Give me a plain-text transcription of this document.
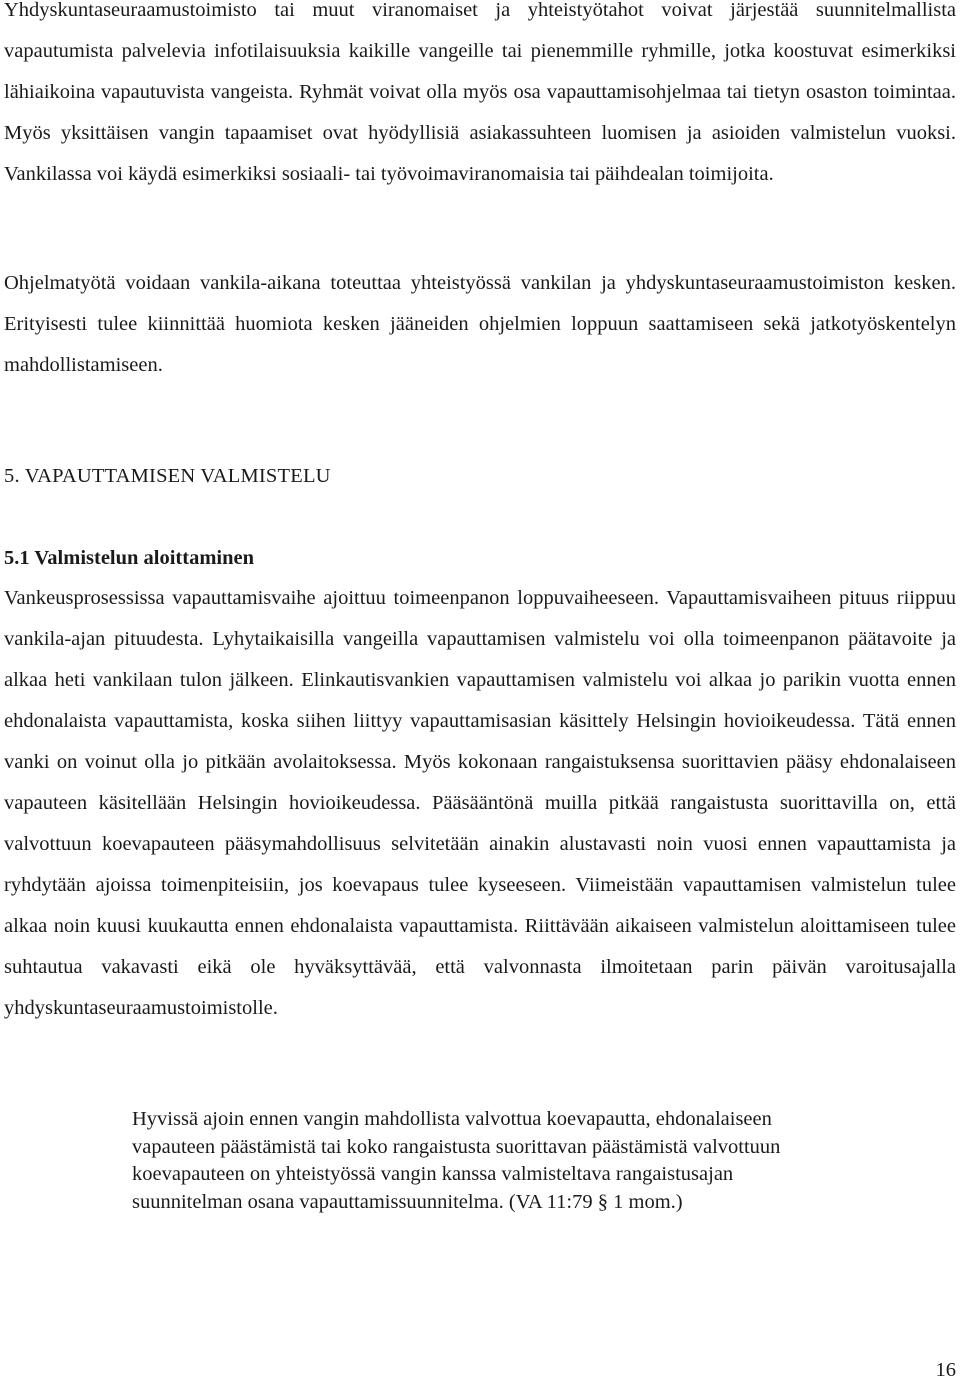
Yhdyskuntaseuraamustoimisto tai muut viranomaiset ja yhteistyötahot voivat järjestää suunnitelmallista vapautumista palvelevia infotilaisuuksia kaikille vangeille tai pienemmille ryhmille, jotka koostuvat esimerkiksi lähiaikoina vapautuvista vangeista. Ryhmät voivat olla myös osa vapauttamisohjelmaa tai tietyn osaston toimintaa. Myös yksittäisen vangin tapaamiset ovat hyödyllisiä asiakassuhteen luomisen ja asioiden valmistelun vuoksi. Vankilassa voi käydä esimerkiksi sosiaali- tai työvoimaviranomaisia tai päihdealan toimijoita.

Ohjelmatyötä voidaan vankila-aikana toteuttaa yhteistyössä vankilan ja yhdyskuntaseuraamustoimiston kesken. Erityisesti tulee kiinnittää huomiota kesken jääneiden ohjelmien loppuun saattamiseen sekä jatkotyöskentelyn mahdollistamiseen.

5. VAPAUTTAMISEN VALMISTELU
5.1 Valmistelun aloittaminen

Vankeusprosessissa vapauttamisvaihe ajoittuu toimeenpanon loppuvaiheeseen. Vapauttamisvaiheen pituus riippuu vankila-ajan pituudesta. Lyhytaikaisilla vangeilla vapauttamisen valmistelu voi olla toimeenpanon päätavoite ja alkaa heti vankilaan tulon jälkeen. Elinkautisvankien vapauttamisen valmistelu voi alkaa jo parikin vuotta ennen ehdonalaista vapauttamista, koska siihen liittyy vapauttamisasian käsittely Helsingin hovioikeudessa. Tätä ennen vanki on voinut olla jo pitkään avolaitoksessa. Myös kokonaan rangaistuksensa suorittavien pääsy ehdonalaiseen vapauteen käsitellään Helsingin hovioikeudessa. Pääsääntönä muilla pitkää rangaistusta suorittavilla on, että valvottuun koevapauteen pääsymahdollisuus selvitetään ainakin alustavasti noin vuosi ennen vapauttamista ja ryhdytään ajoissa toimenpiteisiin, jos koevapaus tulee kyseeseen. Viimeistään vapauttamisen valmistelun tulee alkaa noin kuusi kuukautta ennen ehdonalaista vapauttamista. Riittävään aikaiseen valmistelun aloittamiseen tulee suhtautua vakavasti eikä ole hyväksyttävää, että valvonnasta ilmoitetaan parin päivän varoitusajalla yhdyskuntaseuraamustoimistolle.

Hyvissä ajoin ennen vangin mahdollista valvottua koevapautta, ehdonalaiseen
vapauteen päästämistä tai koko rangaistusta suorittavan päästämistä valvottuun
koevapauteen on yhteistyössä vangin kanssa valmisteltava rangaistusajan
suunnitelman osana vapauttamissuunnitelma. (VA 11:79 § 1 mom.)

16
